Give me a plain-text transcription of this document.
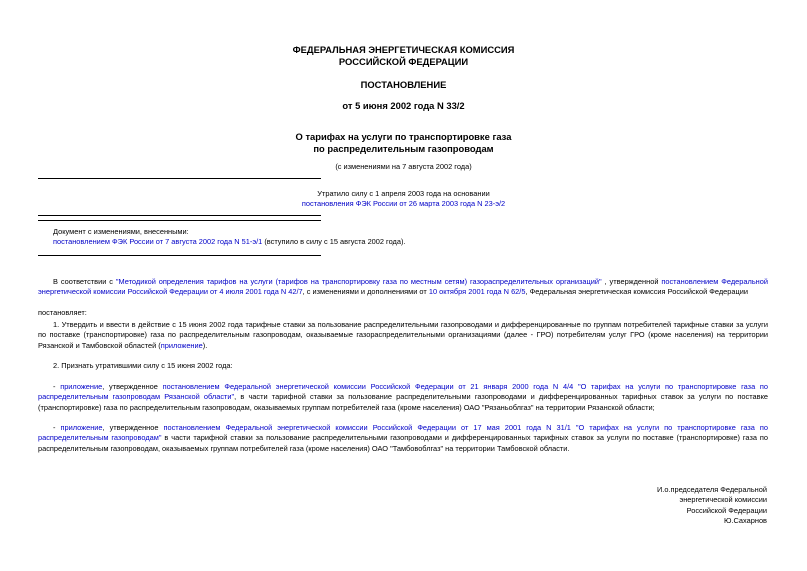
ФЕДЕРАЛЬНАЯ ЭНЕРГЕТИЧЕСКАЯ КОМИССИЯ
РОССИЙСКОЙ ФЕДЕРАЦИИ
ПОСТАНОВЛЕНИЕ
от 5 июня 2002 года N 33/2
О тарифах на услуги по транспортировке газа
по распределительным газопроводам
(с изменениями на 7 августа 2002 года)
Утратило силу с 1 апреля 2003 года на основании
постановления ФЭК России от 26 марта 2003 года N 23-э/2
Документ с изменениями, внесенными:
постановлением ФЭК России от 7 августа 2002 года N 51-э/1 (вступило в силу с 15 августа 2002 года).

В соответствии с "Методикой определения тарифов на услуги (тарифов на транспортировку газа по местным сетям) газораспределительных организаций" , утвержденной постановлением Федеральной энергетической комиссии Российской Федерации от 4 июля 2001 года N 42/7, с изменениями и дополнениями от 10 октября 2001 года N 62/5, Федеральная энергетическая комиссия Российской Федерации

постановляет:

1. Утвердить и ввести в действие с 15 июня 2002 года тарифные ставки за пользование распределительными газопроводами и дифференцированные по группам потребителей тарифные ставки за услуги по поставке (транспортировке) газа по распределительным газопроводам, оказываемые газораспределительными организациями (далее - ГРО) потребителям услуг ГРО (кроме населения) на территории Рязанской и Тамбовской областей (приложение).

2. Признать утратившими силу с 15 июня 2002 года:

- приложение, утвержденное постановлением Федеральной энергетической комиссии Российской Федерации от 21 января 2000 года N 4/4 "О тарифах на услуги по транспортировке газа по распределительным газопроводам Рязанской области", в части тарифной ставки за пользование распределительными газопроводами и дифференцированных тарифных ставок за услуги по поставке (транспортировке) газа по распределительным газопроводам, оказываемых группам потребителей газа (кроме населения) ОАО "Рязаньоблгаз" на территории Рязанской области;

- приложение, утвержденное постановлением Федеральной энергетической комиссии Российской Федерации от 17 мая 2001 года N 31/1 "О тарифах на услуги по транспортировке газа по распределительным газопроводам" в части тарифной ставки за пользование распределительными газопроводами и дифференцированных тарифных ставок за услуги по поставке (транспортировке) газа по распределительным газопроводам, оказываемых группам потребителей газа (кроме населения) ОАО "Тамбовоблгаз" на территории Тамбовской области.

И.о.председателя Федеральной
энергетической комиссии
Российской Федерации
Ю.Сахарнов
